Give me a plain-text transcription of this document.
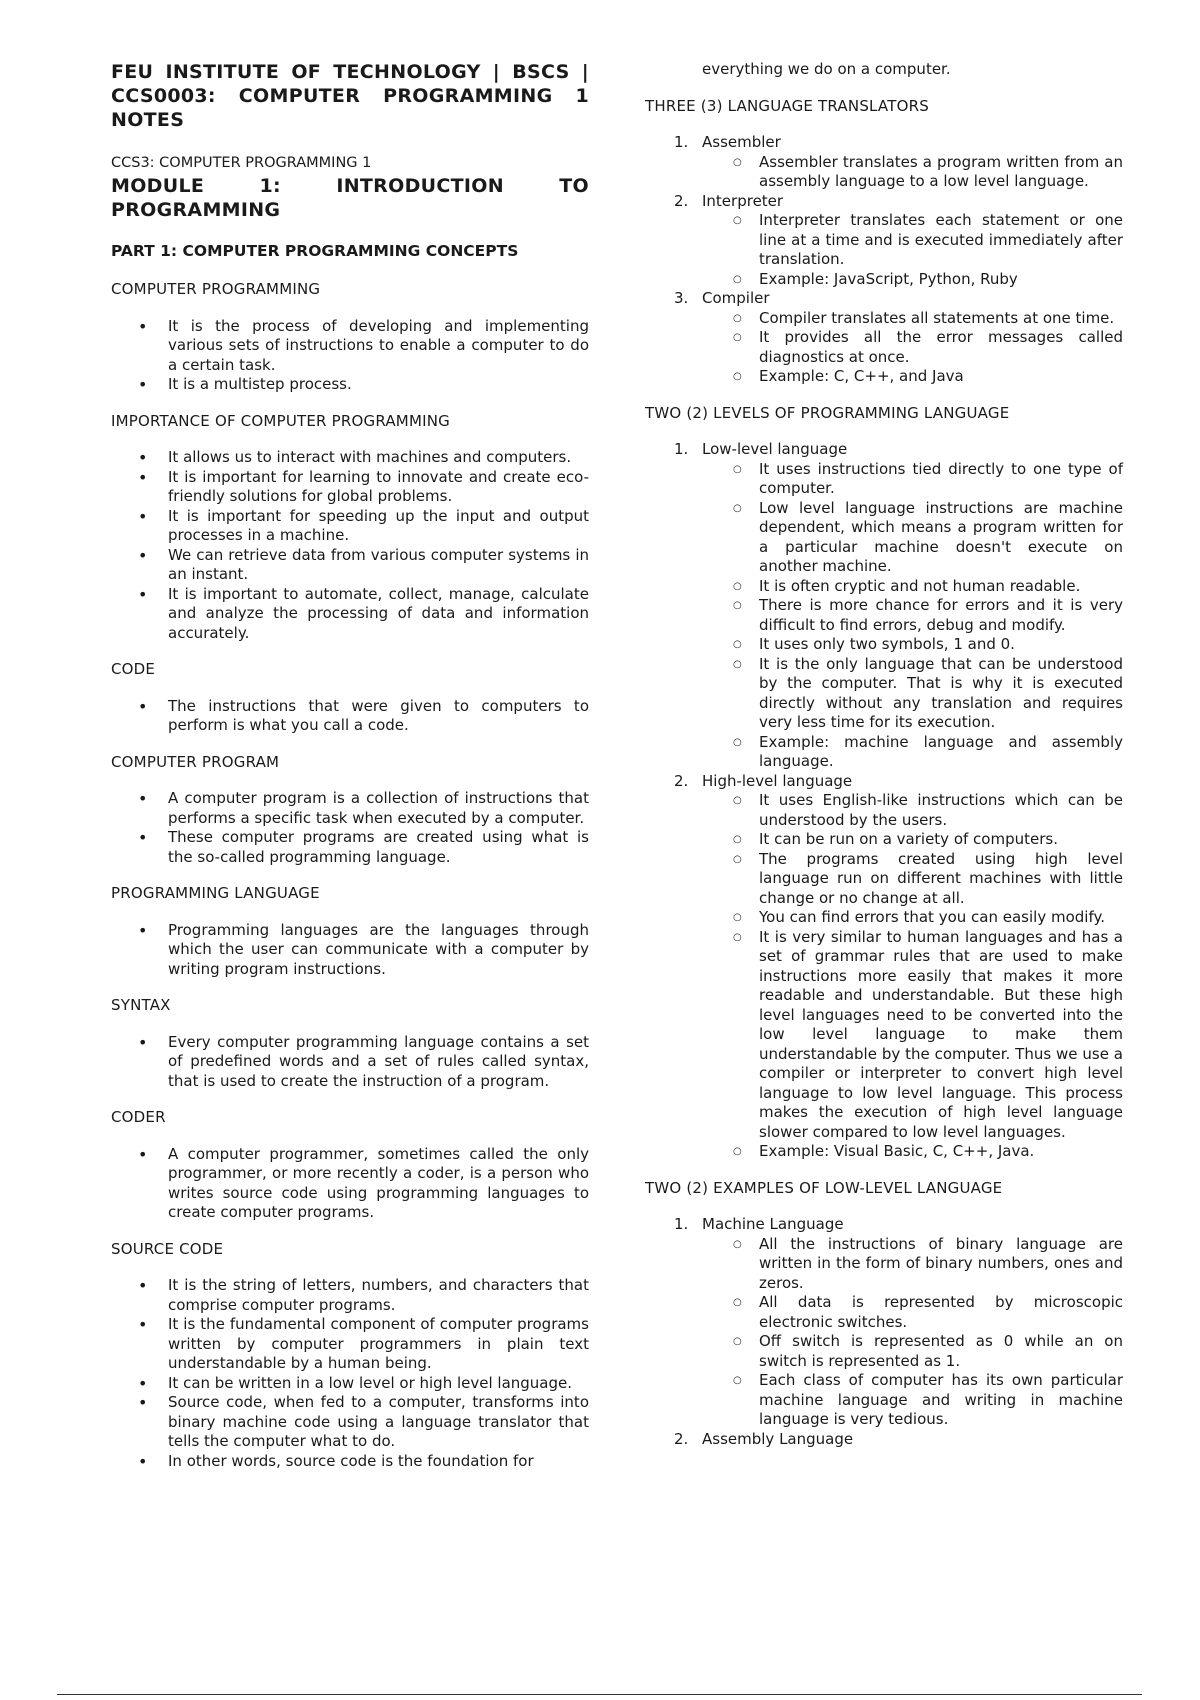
FEU INSTITUTE OF TECHNOLOGY | BSCS | CCS0003: COMPUTER PROGRAMMING 1 NOTES

CCS3: COMPUTER PROGRAMMING 1

MODULE 1: INTRODUCTION TO

PROGRAMMING

PART 1: COMPUTER PROGRAMMING CONCEPTS

COMPUTER PROGRAMMING

• It is the process of developing and implementing various sets of instructions to enable a computer to do a certain task.
• It is a multistep process.

IMPORTANCE OF COMPUTER PROGRAMMING

• It allows us to interact with machines and computers.
• It is important for learning to innovate and create eco-friendly solutions for global problems.
• It is important for speeding up the input and output processes in a machine.
• We can retrieve data from various computer systems in an instant.
• It is important to automate, collect, manage, calculate and analyze the processing of data and information accurately.

CODE

• The instructions that were given to computers to perform is what you call a code.

COMPUTER PROGRAM

• A computer program is a collection of instructions that performs a specific task when executed by a computer.
• These computer programs are created using what is the so-called programming language.

PROGRAMMING LANGUAGE

• Programming languages are the languages through which the user can communicate with a computer by writing program instructions.

SYNTAX

• Every computer programming language contains a set of predefined words and a set of rules called syntax, that is used to create the instruction of a program.

CODER

• A computer programmer, sometimes called the only programmer, or more recently a coder, is a person who writes source code using programming languages to create computer programs.

SOURCE CODE

• It is the string of letters, numbers, and characters that comprise computer programs.
• It is the fundamental component of computer programs written by computer programmers in plain text understandable by a human being.
• It can be written in a low level or high level language.
• Source code, when fed to a computer, transforms into binary machine code using a language translator that tells the computer what to do.
• In other words, source code is the foundation for

everything we do on a computer.

THREE (3) LANGUAGE TRANSLATORS

1. Assembler
○ Assembler translates a program written from an assembly language to a low level language.
2. Interpreter
○ Interpreter translates each statement or one line at a time and is executed immediately after translation.
○ Example: JavaScript, Python, Ruby
3. Compiler
○ Compiler translates all statements at one time.
○ It provides all the error messages called diagnostics at once.
○ Example: C, C++, and Java

TWO (2) LEVELS OF PROGRAMMING LANGUAGE

1. Low-level language
○ It uses instructions tied directly to one type of computer.
○ Low level language instructions are machine dependent, which means a program written for a particular machine doesn't execute on another machine.
○ It is often cryptic and not human readable.
○ There is more chance for errors and it is very difficult to find errors, debug and modify.
○ It uses only two symbols, 1 and 0.
○ It is the only language that can be understood by the computer. That is why it is executed directly without any translation and requires very less time for its execution.
○ Example: machine language and assembly language.
2. High-level language
○ It uses English-like instructions which can be understood by the users.
○ It can be run on a variety of computers.
○ The programs created using high level language run on different machines with little change or no change at all.
○ You can find errors that you can easily modify.
○ It is very similar to human languages and has a set of grammar rules that are used to make instructions more easily that makes it more readable and understandable. But these high level languages need to be converted into the low level language to make them understandable by the computer. Thus we use a compiler or interpreter to convert high level language to low level language. This process makes the execution of high level language slower compared to low level languages.
○ Example: Visual Basic, C, C++, Java.

TWO (2) EXAMPLES OF LOW-LEVEL LANGUAGE

1. Machine Language
○ All the instructions of binary language are written in the form of binary numbers, ones and zeros.
○ All data is represented by microscopic electronic switches.
○ Off switch is represented as 0 while an on switch is represented as 1.
○ Each class of computer has its own particular machine language and writing in machine language is very tedious.
2. Assembly Language
